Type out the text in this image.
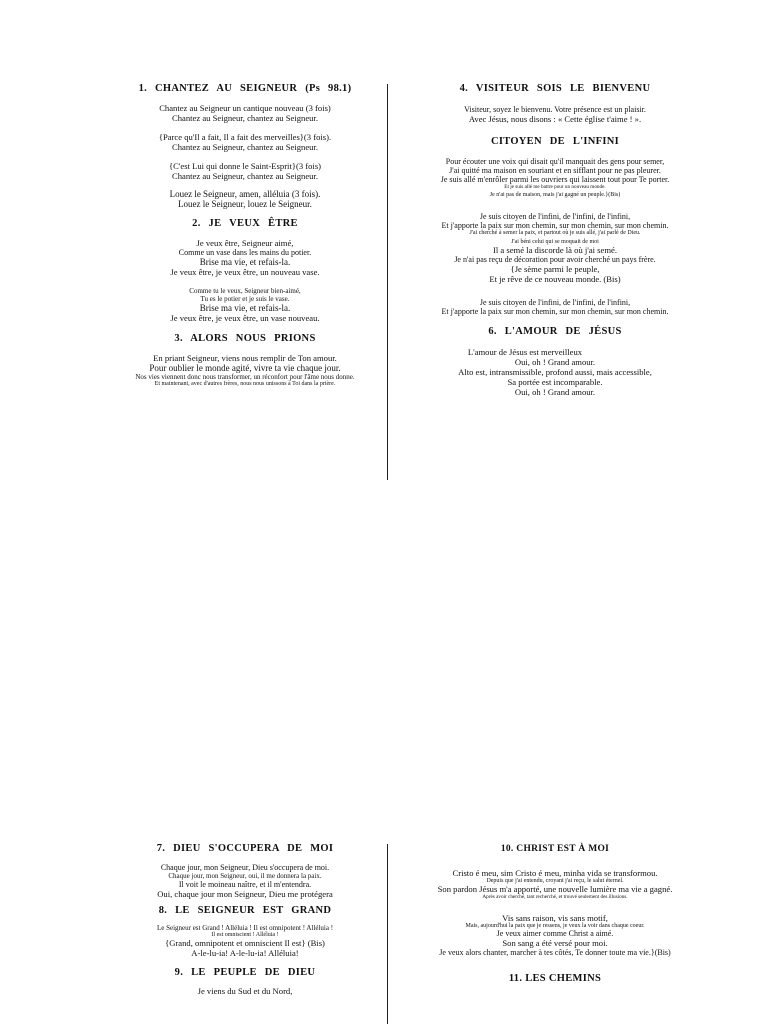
1. CHANTEZ AU SEIGNEUR (Ps 98.1)
Chantez au Seigneur un cantique nouveau (3 fois)
Chantez au Seigneur, chantez au Seigneur.
{Parce qu'Il a fait, Il a fait des merveilles}(3 fois).
Chantez au Seigneur, chantez au Seigneur.
{C'est Lui qui donne le Saint-Esprit}(3 fois)
Chantez au Seigneur, chantez au Seigneur.
Louez le Seigneur, amen, alléluia (3 fois).
Louez le Seigneur, louez le Seigneur.
2. JE VEUX ÊTRE
Je veux être, Seigneur aimé,
Comme un vase dans les mains du potier.
Brise ma vie, et refais-la.
Je veux être, je veux être, un nouveau vase.
Comme tu le veux, Seigneur bien-aimé,
Tu es le potier et je suis le vase.
Brise ma vie, et refais-la.
Je veux être, je veux être, un vase nouveau.
3. ALORS NOUS PRIONS
En priant Seigneur, viens nous remplir de Ton amour.
Pour oublier le monde agité, vivre ta vie chaque jour.
Nos vies viennent donc nous transformer, un réconfort pour l'âme nous donne.
Et maintenant, avec d'autres frères, nous nous unissons à Toi dans la prière.
4. VISITEUR SOIS LE BIENVENU
Visiteur, soyez le bienvenu. Votre présence est un plaisir.
Avec Jésus, nous disons : « Cette église t'aime ! ».
CITOYEN DE L'INFINI
Pour écouter une voix qui disait qu'il manquait des gens pour semer,
J'ai quitté ma maison en souriant et en sifflant pour ne pas pleurer.
Je suis allé m'enrôler parmi les ouvriers qui laissent tout pour Te porter.
Et je suis allé me battre pour un nouveau monde.
Je n'ai pas de maison, mais j'ai gagné un peuple.}(Bis)
Je suis citoyen de l'infini, de l'infini, de l'infini,
Et j'apporte la paix sur mon chemin, sur mon chemin, sur mon chemin.
J'ai cherché à semer la paix, et partout où je suis allé, j'ai parlé de Dieu.
J'ai béni celui qui se moquait de moi
Il a semé la discorde là où j'ai semé.
Je n'ai pas reçu de décoration pour avoir cherché un pays frère.
{Je sème parmi le peuple,
Et je rêve de ce nouveau monde. (Bis)
Je suis citoyen de l'infini, de l'infini, de l'infini,
Et j'apporte la paix sur mon chemin, sur mon chemin, sur mon chemin.
6. L'AMOUR DE JÉSUS
L'amour de Jésus est merveilleux
Oui, oh ! Grand amour.
Alto est, intransmissible, profond aussi, mais accessible,
Sa portée est incomparable.
Oui, oh ! Grand amour.
7. DIEU S'OCCUPERA DE MOI
Chaque jour, mon Seigneur, Dieu s'occupera de moi.
Chaque jour, mon Seigneur, oui, il me donnera la paix.
Il voit le moineau naître, et il m'entendra.
Oui, chaque jour mon Seigneur, Dieu me protégera
8. LE SEIGNEUR EST GRAND
Le Seigneur est Grand ! Alléluia ! Il est omnipotent ! Alléluia !
Il est omniscient ! Alléluia !
{Grand, omnipotent et omniscient Il est} (Bis)
A-le-lu-ia! A-le-lu-ia! Alléluia!
9. LE PEUPLE DE DIEU
Je viens du Sud et du Nord,
10. CHRIST EST À MOI
Cristo é meu, sim Cristo é meu, minha vida se transformou.
Depuis que j'ai entendu, croyant j'ai reçu, le salut éternel.
Son pardon Jésus m'a apporté, une nouvelle lumière ma vie a gagné.
Après avoir cherché, tant recherché, et trouvé seulement des illusions.
Vis sans raison, vis sans motif,
Mais, aujourd'hui la paix que je ressens, je veux la voir dans chaque coeur.
Je veux aimer comme Christ a aimé.
Son sang a été versé pour moi.
Je veux alors chanter, marcher à tes côtés, Te donner toute ma vie.}(Bis)
11. LES CHEMINS
